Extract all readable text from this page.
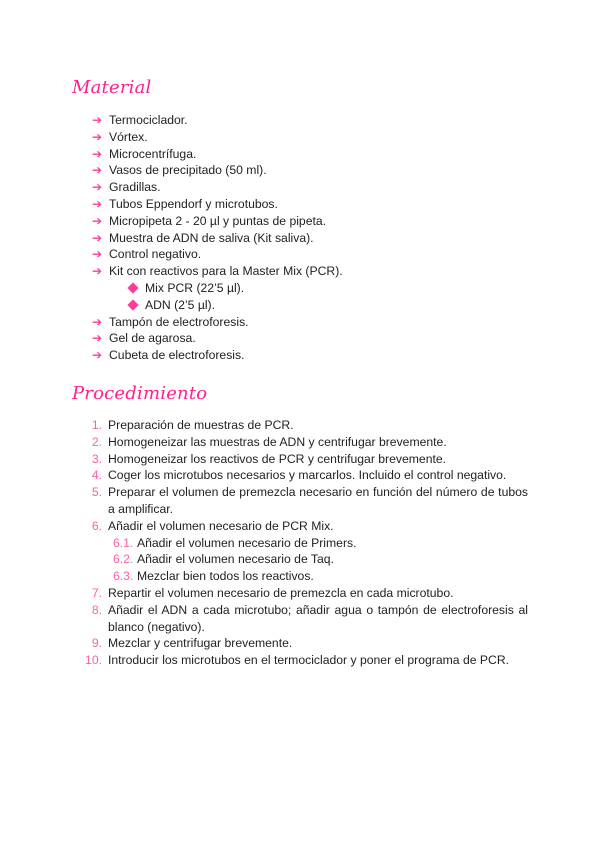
Material
➔ Termociclador.
➔ Vórtex.
➔ Microcentrífuga.
➔ Vasos de precipitado (50 ml).
➔ Gradillas.
➔ Tubos Eppendorf y microtubos.
➔ Micropipeta 2 - 20 µl y puntas de pipeta.
➔ Muestra de ADN de saliva (Kit saliva).
➔ Control negativo.
➔ Kit con reactivos para la Master Mix (PCR).
Mix PCR (22’5 µl).
ADN (2’5 µl).
➔ Tampón de electroforesis.
➔ Gel de agarosa.
➔ Cubeta de electroforesis.
Procedimiento
1. Preparación de muestras de PCR.
2. Homogeneizar las muestras de ADN y centrifugar brevemente.
3. Homogeneizar los reactivos de PCR y centrifugar brevemente.
4. Coger los microtubos necesarios y marcarlos. Incluido el control negativo.
5. Preparar el volumen de premezcla necesario en función del número de tubos a amplificar.
6. Añadir el volumen necesario de PCR Mix.
6.1. Añadir el volumen necesario de Primers.
6.2. Añadir el volumen necesario de Taq.
6.3. Mezclar bien todos los reactivos.
7. Repartir el volumen necesario de premezcla en cada microtubo.
8. Añadir el ADN a cada microtubo; añadir agua o tampón de electroforesis al blanco (negativo).
9. Mezclar y centrifugar brevemente.
10. Introducir los microtubos en el termociclador y poner el programa de PCR.
